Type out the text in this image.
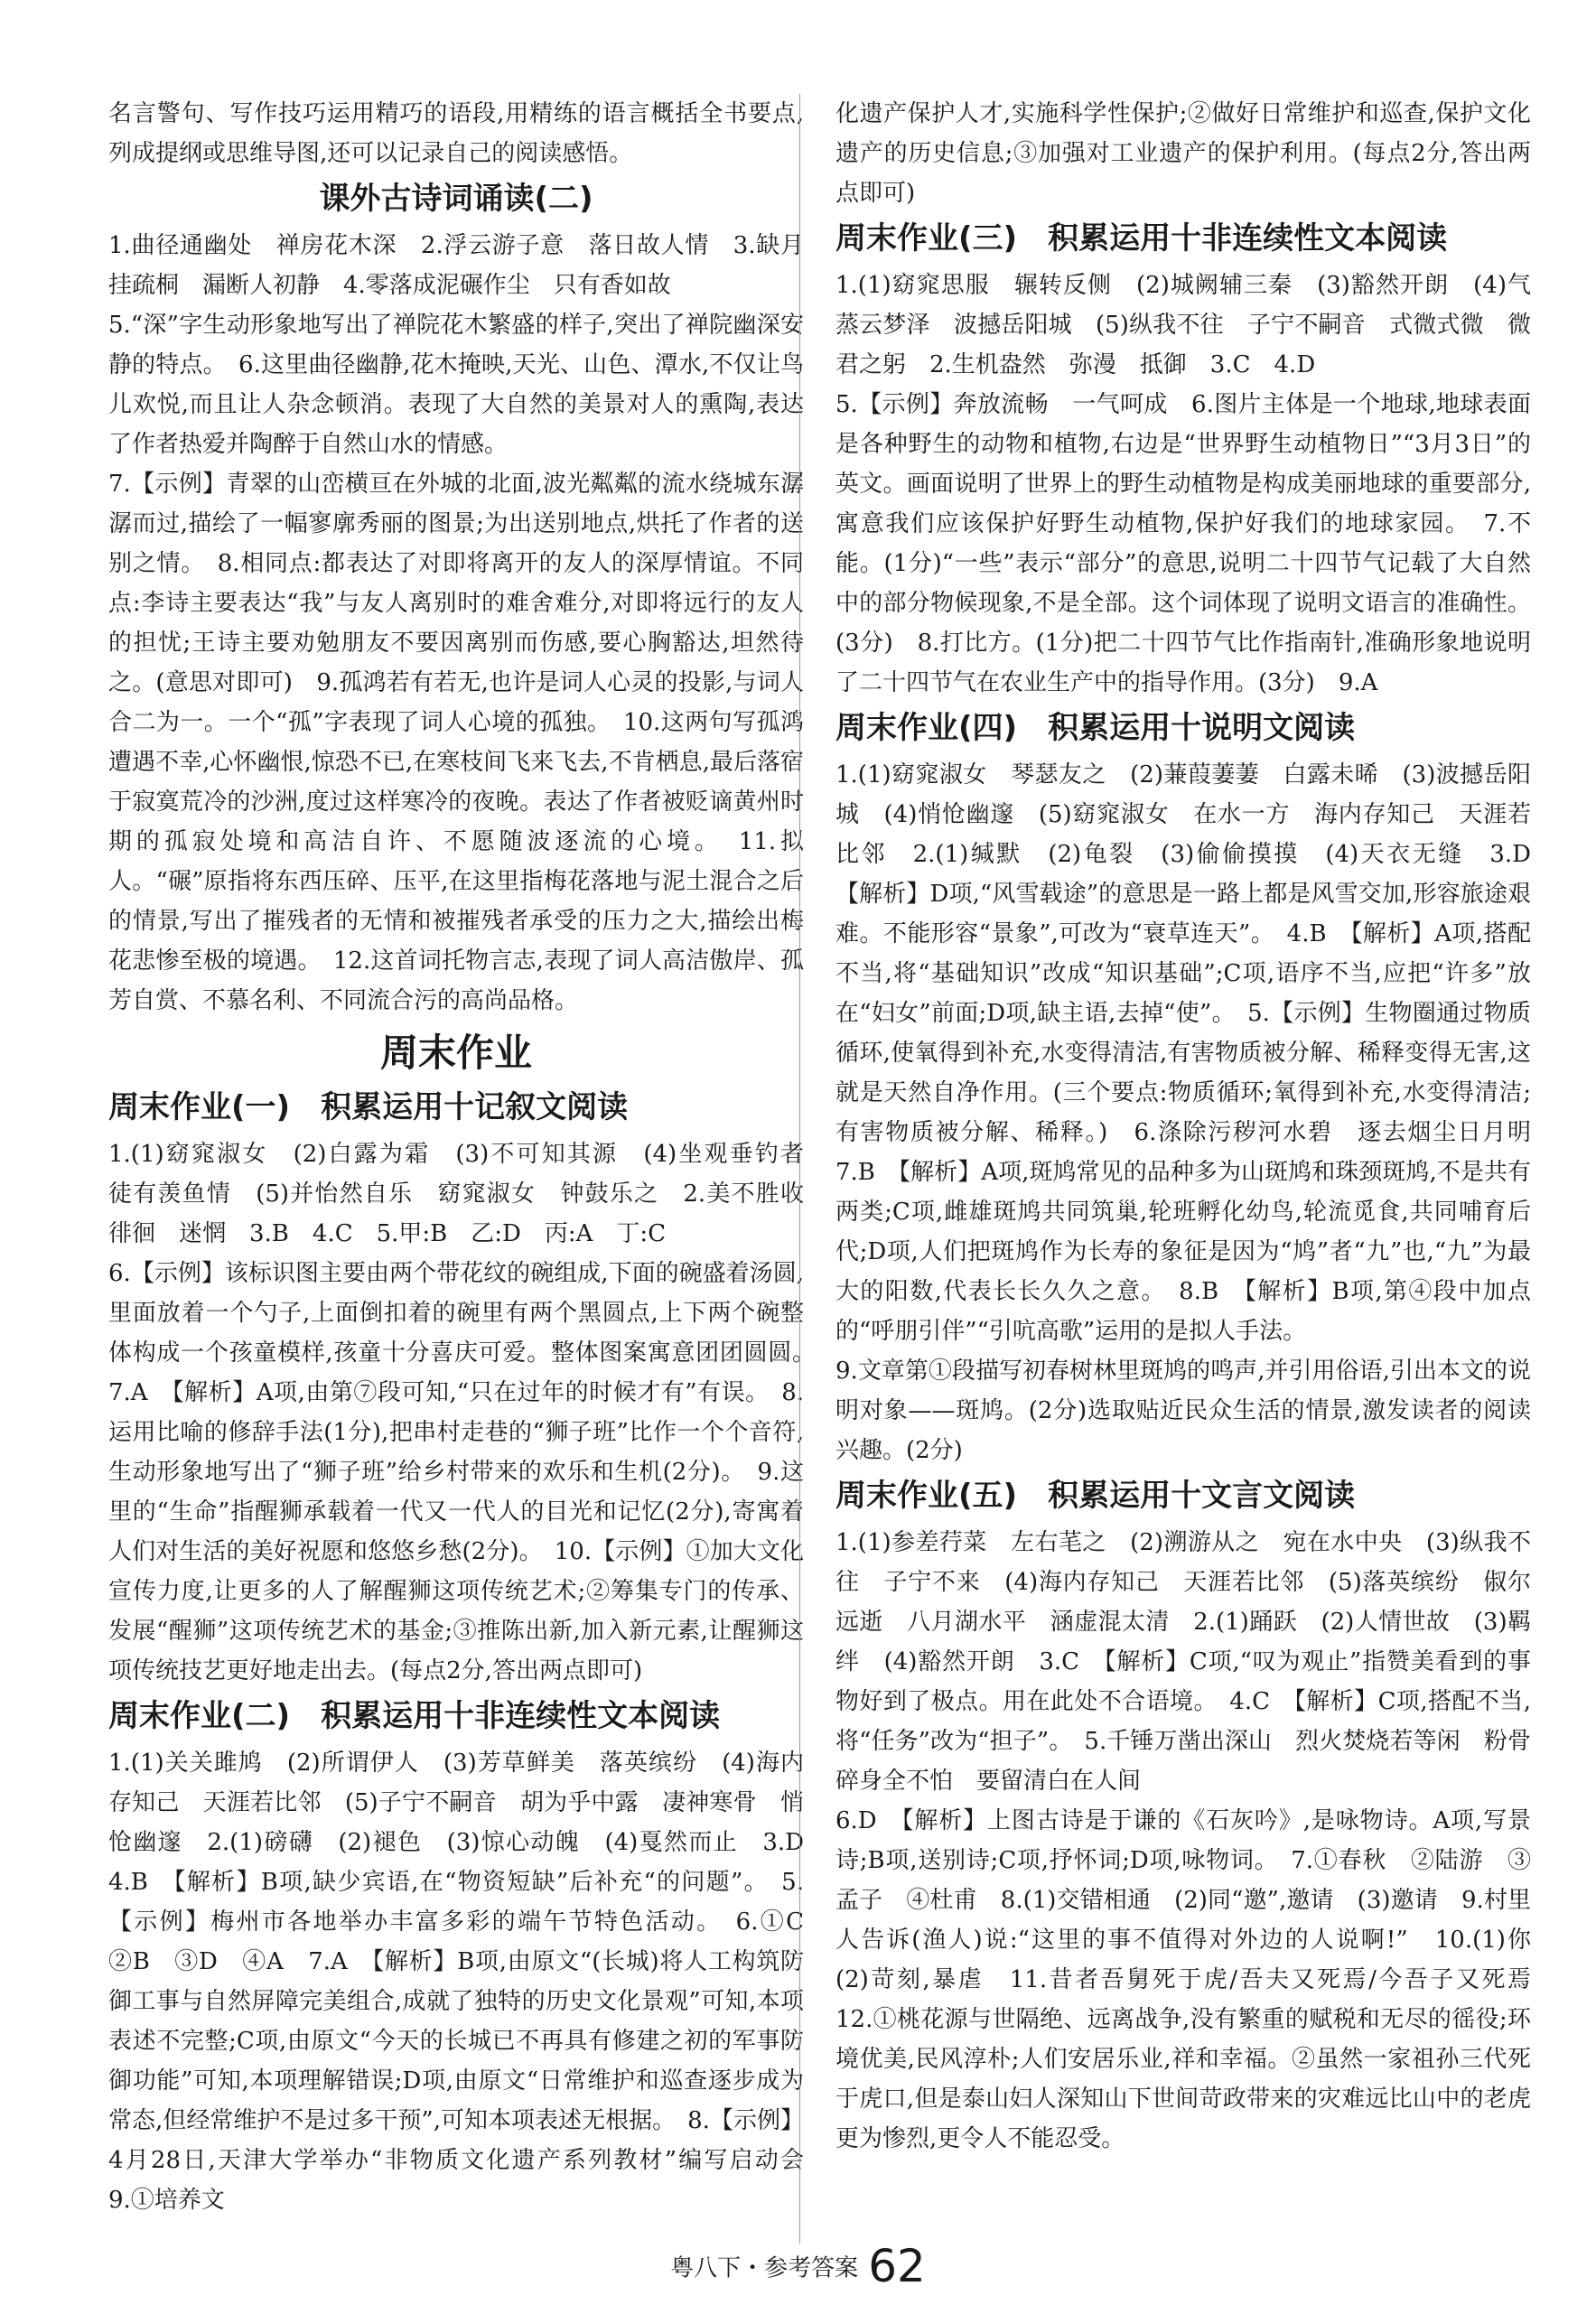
名言警句、写作技巧运用精巧的语段,用精练的语言概括全书要点,列成提纲或思维导图,还可以记录自己的阅读感悟。

课外古诗词诵读(二)

1.曲径通幽处　禅房花木深　2.浮云游子意　落日故人情　3.缺月挂疏桐　漏断人初静　4.零落成泥碾作尘　只有香如故

5.“深”字生动形象地写出了禅院花木繁盛的样子,突出了禅院幽深安静的特点。　6.这里曲径幽静,花木掩映,天光、山色、潭水,不仅让鸟儿欢悦,而且让人杂念顿消。表现了大自然的美景对人的熏陶,表达了作者热爱并陶醉于自然山水的情感。

7.【示例】青翠的山峦横亘在外城的北面,波光粼粼的流水绕城东潺潺而过,描绘了一幅寥廓秀丽的图景;为出送别地点,烘托了作者的送别之情。　8.相同点:都表达了对即将离开的友人的深厚情谊。不同点:李诗主要表达“我”与友人离别时的难舍难分,对即将远行的友人的担忧;王诗主要劝勉朋友不要因离别而伤感,要心胸豁达,坦然待之。(意思对即可)　9.孤鸿若有若无,也许是词人心灵的投影,与词人合二为一。一个“孤”字表现了词人心境的孤独。　10.这两句写孤鸿遭遇不幸,心怀幽恨,惊恐不已,在寒枝间飞来飞去,不肯栖息,最后落宿于寂寞荒冷的沙洲,度过这样寒冷的夜晚。表达了作者被贬谪黄州时期的孤寂处境和高洁自许、不愿随波逐流的心境。　11.拟人。“碾”原指将东西压碎、压平,在这里指梅花落地与泥土混合之后的情景,写出了摧残者的无情和被摧残者承受的压力之大,描绘出梅花悲惨至极的境遇。　12.这首词托物言志,表现了词人高洁傲岸、孤芳自赏、不慕名利、不同流合污的高尚品格。

周末作业
周末作业(一)　积累运用十记叙文阅读

1.(1)窈窕淑女　(2)白露为霜　(3)不可知其源　(4)坐观垂钓者　徒有羡鱼情　(5)并怡然自乐　窈窕淑女　钟鼓乐之　2.美不胜收　徘徊　迷惘　3.B　4.C　5.甲:B　乙:D　丙:A　丁:C

6.【示例】该标识图主要由两个带花纹的碗组成,下面的碗盛着汤圆,里面放着一个勺子,上面倒扣着的碗里有两个黑圆点,上下两个碗整体构成一个孩童模样,孩童十分喜庆可爱。整体图案寓意团团圆圆。　7.A　【解析】A项,由第⑦段可知,“只在过年的时候才有”有误。　8.运用比喻的修辞手法(1分),把串村走巷的“狮子班”比作一个个音符,生动形象地写出了“狮子班”给乡村带来的欢乐和生机(2分)。　9.这里的“生命”指醒狮承载着一代又一代人的目光和记忆(2分),寄寓着人们对生活的美好祝愿和悠悠乡愁(2分)。　10.【示例】①加大文化宣传力度,让更多的人了解醒狮这项传统艺术;②筹集专门的传承、发展“醒狮”这项传统艺术的基金;③推陈出新,加入新元素,让醒狮这项传统技艺更好地走出去。(每点2分,答出两点即可)

周末作业(二)　积累运用十非连续性文本阅读

1.(1)关关雎鸠　(2)所谓伊人　(3)芳草鲜美　落英缤纷　(4)海内存知己　天涯若比邻　(5)子宁不嗣音　胡为乎中露　凄神寒骨　悄怆幽邃　2.(1)磅礴　(2)褪色　(3)惊心动魄　(4)戛然而止　3.D　4.B　【解析】B项,缺少宾语,在“物资短缺”后补充“的问题”。　5.【示例】梅州市各地举办丰富多彩的端午节特色活动。　6.①C　②B　③D　④A　7.A　【解析】B项,由原文“(长城)将人工构筑防御工事与自然屏障完美组合,成就了独特的历史文化景观”可知,本项表述不完整;C项,由原文“今天的长城已不再具有修建之初的军事防御功能”可知,本项理解错误;D项,由原文“日常维护和巡查逐步成为常态,但经常维护不是过多干预”,可知本项表述无根据。　8.【示例】4月28日,天津大学举办“非物质文化遗产系列教材”编写启动会　9.①培养文

化遗产保护人才,实施科学性保护;②做好日常维护和巡查,保护文化遗产的历史信息;③加强对工业遗产的保护利用。(每点2分,答出两点即可)

周末作业(三)　积累运用十非连续性文本阅读

1.(1)窈窕思服　辗转反侧　(2)城阙辅三秦　(3)豁然开朗　(4)气蒸云梦泽　波撼岳阳城　(5)纵我不往　子宁不嗣音　式微式微　微君之躬　2.生机盎然　弥漫　抵御　3.C　4.D

5.【示例】奔放流畅　一气呵成　6.图片主体是一个地球,地球表面是各种野生的动物和植物,右边是“世界野生动植物日”“3月3日”的英文。画面说明了世界上的野生动植物是构成美丽地球的重要部分,寓意我们应该保护好野生动植物,保护好我们的地球家园。　7.不能。(1分)“一些”表示“部分”的意思,说明二十四节气记载了大自然中的部分物候现象,不是全部。这个词体现了说明文语言的准确性。(3分)　8.打比方。(1分)把二十四节气比作指南针,准确形象地说明了二十四节气在农业生产中的指导作用。(3分)　9.A

周末作业(四)　积累运用十说明文阅读

1.(1)窈窕淑女　琴瑟友之　(2)蒹葭萋萋　白露未晞　(3)波撼岳阳城　(4)悄怆幽邃　(5)窈窕淑女　在水一方　海内存知己　天涯若比邻　2.(1)缄默　(2)龟裂　(3)偷偷摸摸　(4)天衣无缝　3.D　【解析】D项,“风雪载途”的意思是一路上都是风雪交加,形容旅途艰难。不能形容“景象”,可改为“衰草连天”。　4.B　【解析】A项,搭配不当,将“基础知识”改成“知识基础”;C项,语序不当,应把“许多”放在“妇女”前面;D项,缺主语,去掉“使”。　5.【示例】生物圈通过物质循环,使氧得到补充,水变得清洁,有害物质被分解、稀释变得无害,这就是天然自净作用。(三个要点:物质循环;氧得到补充,水变得清洁;有害物质被分解、稀释。)　6.涤除污秽河水碧　逐去烟尘日月明　7.B　【解析】A项,斑鸠常见的品种多为山斑鸠和珠颈斑鸠,不是共有两类;C项,雌雄斑鸠共同筑巢,轮班孵化幼鸟,轮流觅食,共同哺育后代;D项,人们把斑鸠作为长寿的象征是因为“鸠”者“九”也,“九”为最大的阳数,代表长长久久之意。　8.B　【解析】B项,第④段中加点的“呼朋引伴”“引吭高歌”运用的是拟人手法。

9.文章第①段描写初春树林里斑鸠的鸣声,并引用俗语,引出本文的说明对象——斑鸠。(2分)选取贴近民众生活的情景,激发读者的阅读兴趣。(2分)

周末作业(五)　积累运用十文言文阅读

1.(1)参差荇菜　左右芼之　(2)溯游从之　宛在水中央　(3)纵我不往　子宁不来　(4)海内存知己　天涯若比邻　(5)落英缤纷　俶尔远逝　八月湖水平　涵虚混太清　2.(1)踊跃　(2)人情世故　(3)羁绊　(4)豁然开朗　3.C　【解析】C项,“叹为观止”指赞美看到的事物好到了极点。用在此处不合语境。　4.C　【解析】C项,搭配不当,将“任务”改为“担子”。　5.千锤万凿出深山　烈火焚烧若等闲　粉骨碎身全不怕　要留清白在人间

6.D　【解析】上图古诗是于谦的《石灰吟》,是咏物诗。A项,写景诗;B项,送别诗;C项,抒怀词;D项,咏物词。　7.①春秋　②陆游　③孟子　④杜甫　8.(1)交错相通　(2)同“邀”,邀请　(3)邀请　9.村里人告诉(渔人)说:“这里的事不值得对外边的人说啊!”　10.(1)你　(2)苛刻,暴虐　11.昔者吾舅死于虎/吾夫又死焉/今吾子又死焉　12.①桃花源与世隔绝、远离战争,没有繁重的赋税和无尽的徭役;环境优美,民风淳朴;人们安居乐业,祥和幸福。②虽然一家祖孙三代死于虎口,但是泰山妇人深知山下世间苛政带来的灾难远比山中的老虎更为惨烈,更令人不能忍受。

粤八下・参考答案 62
